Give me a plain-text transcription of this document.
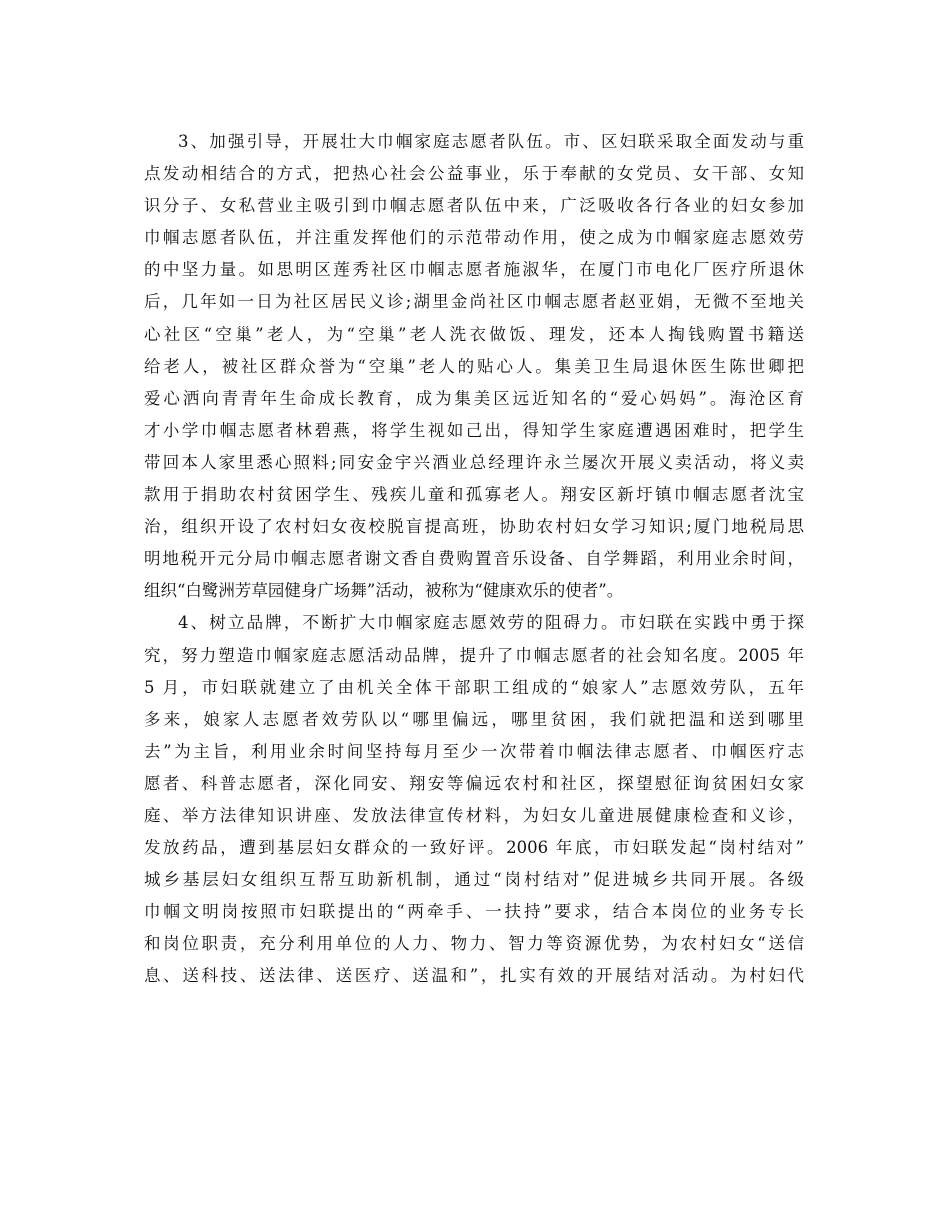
3、加强引导，开展壮大巾帼家庭志愿者队伍。市、区妇联采取全面发动与重
点发动相结合的方式，把热心社会公益事业，乐于奉献的女党员、女干部、女知
识分子、女私营业主吸引到巾帼志愿者队伍中来，广泛吸收各行各业的妇女参加
巾帼志愿者队伍，并注重发挥他们的示范带动作用，使之成为巾帼家庭志愿效劳
的中坚力量。如思明区莲秀社区巾帼志愿者施淑华，在厦门市电化厂医疗所退休
后，几年如一日为社区居民义诊;湖里金尚社区巾帼志愿者赵亚娟，无微不至地关
心社区“空巢”老人，为“空巢”老人洗衣做饭、理发，还本人掏钱购置书籍送
给老人，被社区群众誉为“空巢”老人的贴心人。集美卫生局退休医生陈世卿把
爱心洒向青青年生命成长教育，成为集美区远近知名的“爱心妈妈”。海沧区育
才小学巾帼志愿者林碧燕，将学生视如己出，得知学生家庭遭遇困难时，把学生
带回本人家里悉心照料;同安金宇兴酒业总经理许永兰屡次开展义卖活动，将义卖
款用于捐助农村贫困学生、残疾儿童和孤寡老人。翔安区新圩镇巾帼志愿者沈宝
治，组织开设了农村妇女夜校脱盲提高班，协助农村妇女学习知识;厦门地税局思
明地税开元分局巾帼志愿者谢文香自费购置音乐设备、自学舞蹈，利用业余时间，
组织“白鹭洲芳草园健身广场舞”活动，被称为“健康欢乐的使者”。
4、树立品牌，不断扩大巾帼家庭志愿效劳的阻碍力。市妇联在实践中勇于探
究，努力塑造巾帼家庭志愿活动品牌，提升了巾帼志愿者的社会知名度。2005 年
5 月，市妇联就建立了由机关全体干部职工组成的“娘家人”志愿效劳队，五年
多来，娘家人志愿者效劳队以“哪里偏远，哪里贫困，我们就把温和送到哪里
去”为主旨，利用业余时间坚持每月至少一次带着巾帼法律志愿者、巾帼医疗志
愿者、科普志愿者，深化同安、翔安等偏远农村和社区，探望慰征询贫困妇女家
庭、举方法律知识讲座、发放法律宣传材料，为妇女儿童进展健康检查和义诊，
发放药品，遭到基层妇女群众的一致好评。2006 年底，市妇联发起“岗村结对”
城乡基层妇女组织互帮互助新机制，通过“岗村结对”促进城乡共同开展。各级
巾帼文明岗按照市妇联提出的“两牵手、一扶持”要求，结合本岗位的业务专长
和岗位职责，充分利用单位的人力、物力、智力等资源优势，为农村妇女“送信
息、送科技、送法律、送医疗、送温和”，扎实有效的开展结对活动。为村妇代
